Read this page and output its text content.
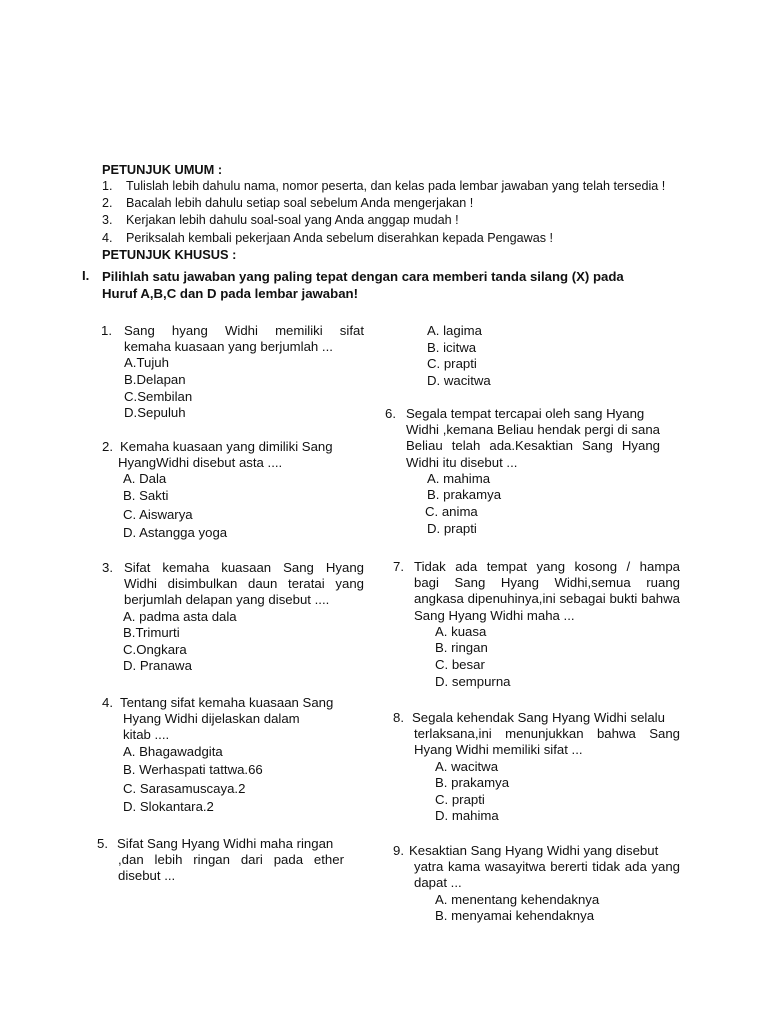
PETUNJUK UMUM :
1. Tulislah lebih dahulu nama, nomor peserta, dan kelas pada lembar jawaban yang telah tersedia !
2. Bacalah lebih dahulu setiap soal sebelum Anda mengerjakan !
3. Kerjakan lebih dahulu soal-soal yang Anda anggap mudah !
4. Periksalah kembali pekerjaan Anda sebelum diserahkan kepada Pengawas !
PETUNJUK KHUSUS :
I. Pilihlah satu jawaban yang paling tepat dengan cara memberi tanda silang (X) pada Huruf A,B,C dan D pada lembar jawaban!
1. Sang hyang Widhi memiliki sifat
kemaha kuasaan yang berjumlah ...
A.Tujuh
B.Delapan
C.Sembilan
D.Sepuluh
2. Kemaha kuasaan yang dimiliki Sang
HyangWidhi disebut asta ....
A. Dala
B. Sakti
C. Aiswarya
D. Astangga yoga
3. Sifat kemaha kuasaan Sang Hyang
Widhi disimbulkan daun teratai yang berjumlah delapan yang disebut ....
A. padma asta dala
B.Trimurti
C.Ongkara
D. Pranawa
4. Tentang sifat kemaha kuasaan Sang
Hyang Widhi dijelaskan dalam kitab ....
A. Bhagawadgita
B. Werhaspati tattwa.66
C. Sarasamuscaya.2
D. Slokantara.2
5. Sifat Sang Hyang Widhi maha ringan
,dan lebih ringan dari pada ether disebut ...
A. lagima
B. icitwa
C. prapti
D. wacitwa
6. Segala tempat tercapai oleh sang Hyang
Widhi ,kemana Beliau hendak pergi di sana Beliau telah ada.Kesaktian Sang Hyang Widhi itu disebut ...
A. mahima
B. prakamya
C. anima
D. prapti
7. Tidak ada tempat yang kosong / hampa
bagi Sang Hyang Widhi,semua ruang angkasa dipenuhinya,ini sebagai bukti bahwa Sang Hyang Widhi maha ...
A. kuasa
B. ringan
C. besar
D. sempurna
8. Segala kehendak Sang Hyang Widhi selalu
terlaksana,ini menunjukkan bahwa Sang Hyang Widhi memiliki sifat ...
A. wacitwa
B. prakamya
C. prapti
D. mahima
9. Kesaktian Sang Hyang Widhi yang disebut
yatra kama wasayitwa bererti tidak ada yang dapat ...
A. menentang kehendaknya
B. menyamai kehendaknya
